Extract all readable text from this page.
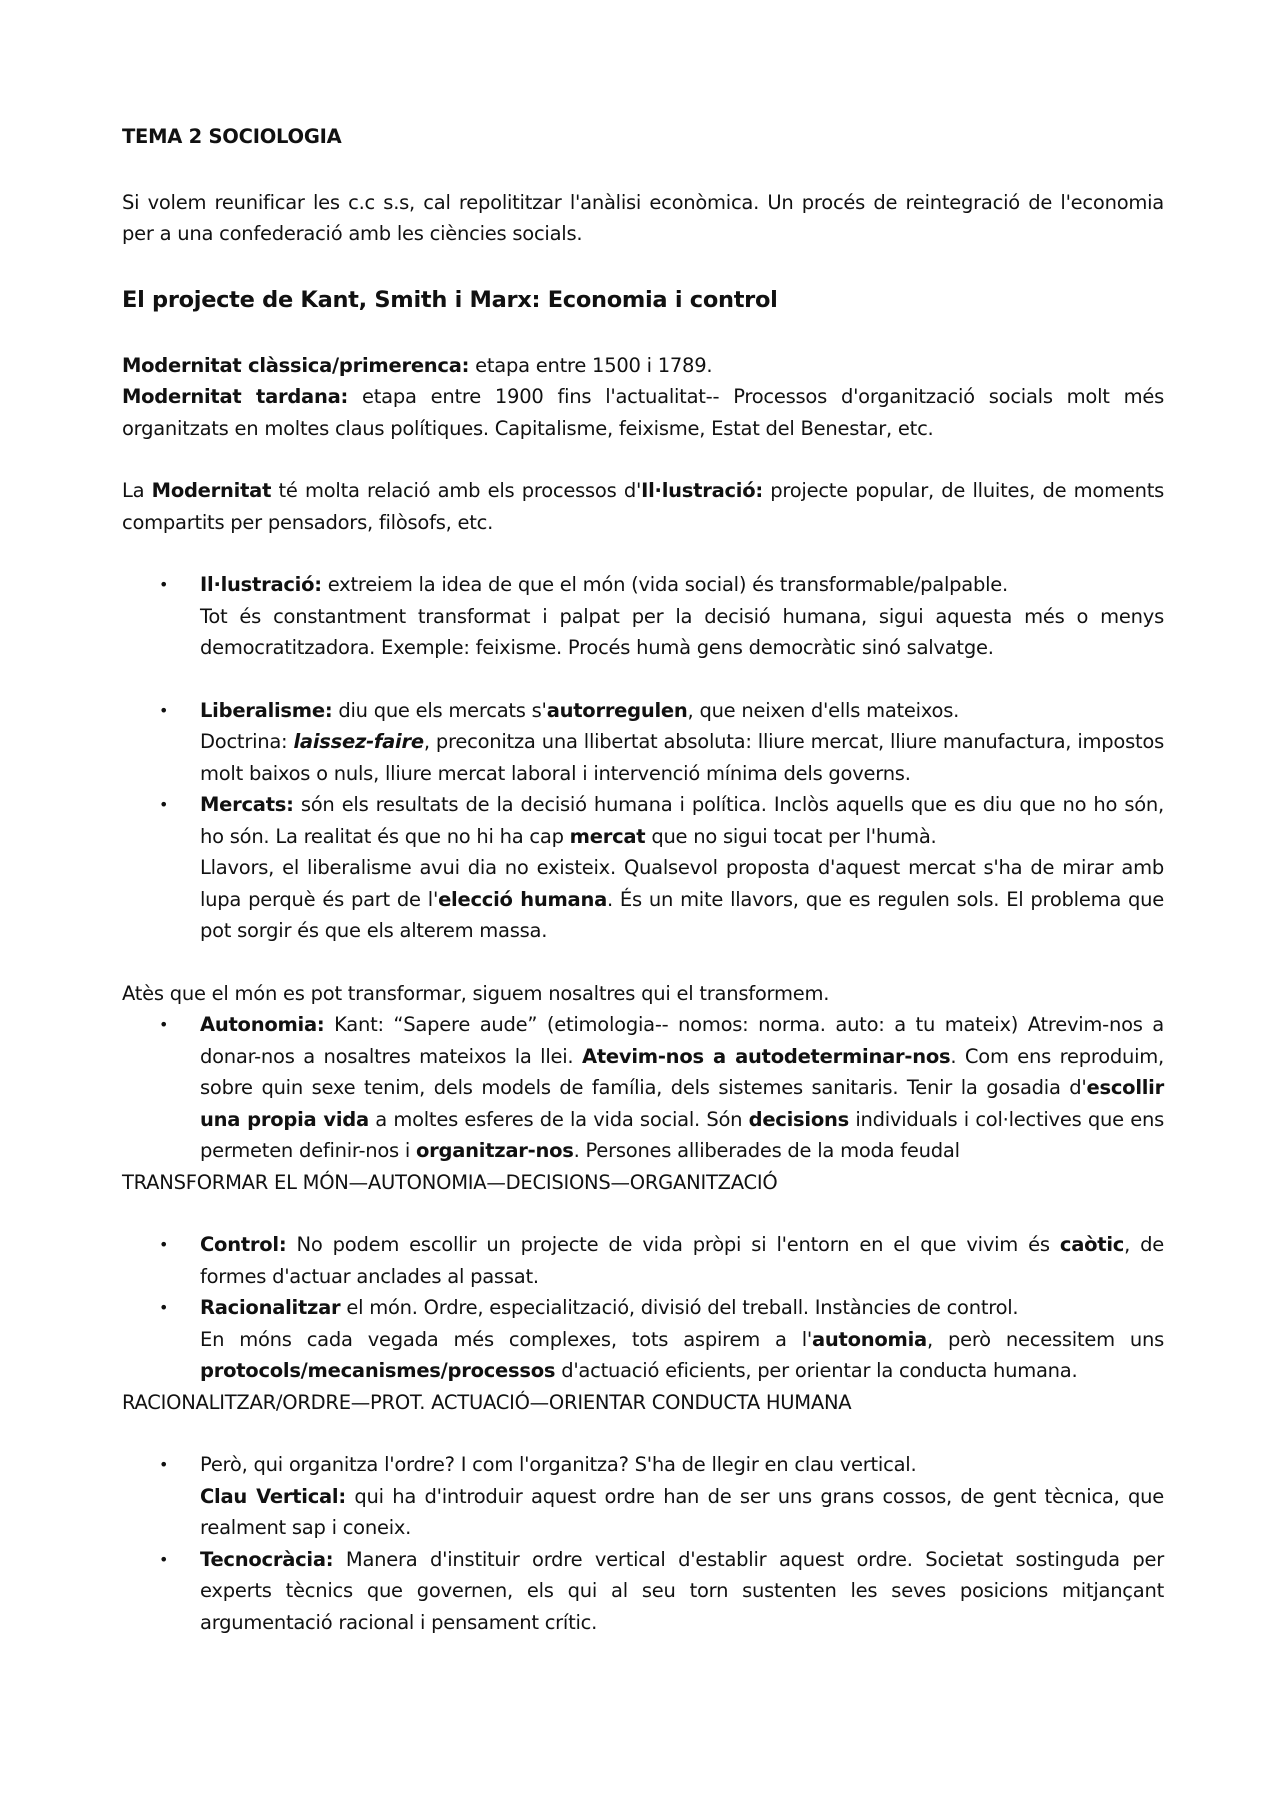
TEMA 2 SOCIOLOGIA
Si volem reunificar les c.c s.s, cal repolititzar l'anàlisi econòmica. Un procés de reintegració de l'economia per a una confederació amb les ciències socials.
El projecte de Kant, Smith i Marx: Economia i control
Modernitat clàssica/primerenca: etapa entre 1500 i 1789.
Modernitat tardana: etapa entre 1900 fins l'actualitat-- Processos d'organització socials molt més organitzats en moltes claus polítiques. Capitalisme, feixisme, Estat del Benestar, etc.
La Modernitat té molta relació amb els processos d'Il·lustració: projecte popular, de lluites, de moments compartits per pensadors, filòsofs, etc.
• Il·lustració: extreiem la idea de que el món (vida social) és transformable/palpable.
Tot és constantment transformat i palpat per la decisió humana, sigui aquesta més o menys democratitzadora. Exemple: feixisme. Procés humà gens democràtic sinó salvatge.
• Liberalisme: diu que els mercats s'autorregulen, que neixen d'ells mateixos.
Doctrina: laissez-faire, preconitza una llibertat absoluta: lliure mercat, lliure manufactura, impostos molt baixos o nuls, lliure mercat laboral i intervenció mínima dels governs.
• Mercats: són els resultats de la decisió humana i política. Inclòs aquells que es diu que no ho són, ho són. La realitat és que no hi ha cap mercat que no sigui tocat per l'humà.
Llavors, el liberalisme avui dia no existeix. Qualsevol proposta d'aquest mercat s'ha de mirar amb lupa perquè és part de l'elecció humana. És un mite llavors, que es regulen sols. El problema que pot sorgir és que els alterem massa.
Atès que el món es pot transformar, siguem nosaltres qui el transformem.
• Autonomia: Kant: “Sapere aude” (etimologia-- nomos: norma. auto: a tu mateix) Atrevim-nos a donar-nos a nosaltres mateixos la llei. Atevim-nos a autodeterminar-nos. Com ens reproduim, sobre quin sexe tenim, dels models de família, dels sistemes sanitaris. Tenir la gosadia d'escollir una propia vida a moltes esferes de la vida social. Són decisions individuals i col·lectives que ens permeten definir-nos i organitzar-nos. Persones alliberades de la moda feudal
TRANSFORMAR EL MÓN—AUTONOMIA—DECISIONS—ORGANITZACIÓ
• Control: No podem escollir un projecte de vida pròpi si l'entorn en el que vivim és caòtic, de formes d'actuar anclades al passat.
• Racionalitzar el món. Ordre, especialització, divisió del treball. Instàncies de control.
En móns cada vegada més complexes, tots aspirem a l'autonomia, però necessitem uns protocols/mecanismes/processos d'actuació eficients, per orientar la conducta humana.
RACIONALITZAR/ORDRE—PROT. ACTUACIÓ—ORIENTAR CONDUCTA HUMANA
• Però, qui organitza l'ordre? I com l'organitza? S'ha de llegir en clau vertical.
Clau Vertical: qui ha d'introduir aquest ordre han de ser uns grans cossos, de gent tècnica, que realment sap i coneix.
• Tecnocràcia: Manera d'instituir ordre vertical d'establir aquest ordre. Societat sostinguda per experts tècnics que governen, els qui al seu torn sustenten les seves posicions mitjançant argumentació racional i pensament crític.
